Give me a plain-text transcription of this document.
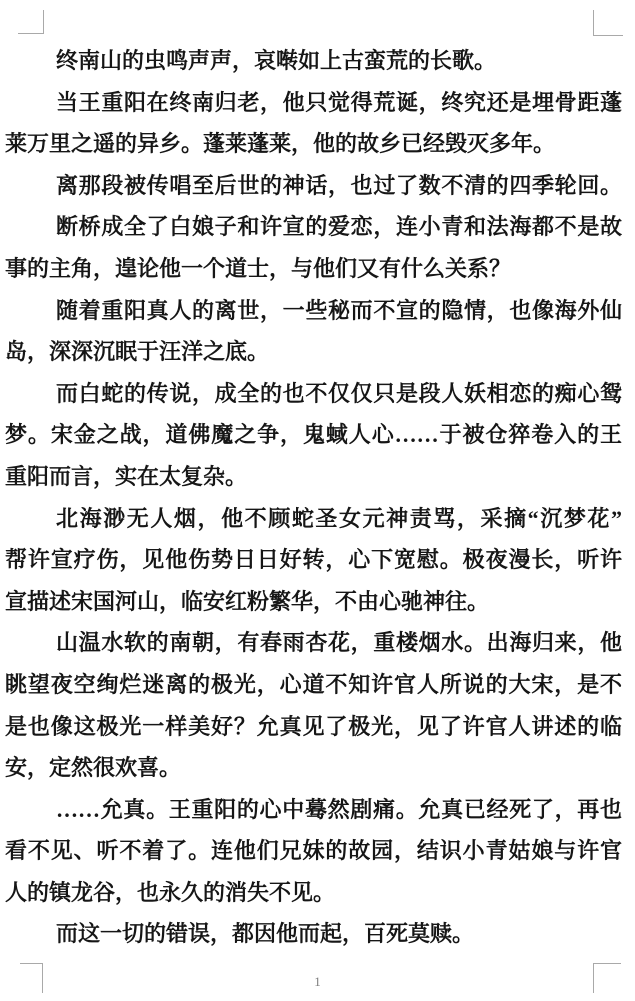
终南山的虫鸣声声，哀啭如上古蛮荒的长歌。
当王重阳在终南归老，他只觉得荒诞，终究还是埋骨距蓬
莱万里之遥的异乡。蓬莱蓬莱，他的故乡已经毁灭多年。
离那段被传唱至后世的神话，也过了数不清的四季轮回。
断桥成全了白娘子和许宣的爱恋，连小青和法海都不是故
事的主角，遑论他一个道士，与他们又有什么关系？
随着重阳真人的离世，一些秘而不宣的隐情，也像海外仙
岛，深深沉眠于汪洋之底。
而白蛇的传说，成全的也不仅仅只是段人妖相恋的痴心鸳
梦。宋金之战，道佛魔之争，鬼蜮人心……于被仓猝卷入的王
重阳而言，实在太复杂。
北海渺无人烟，他不顾蛇圣女元神责骂，采摘“沉梦花”
帮许宣疗伤，见他伤势日日好转，心下宽慰。极夜漫长，听许
宣描述宋国河山，临安红粉繁华，不由心驰神往。
山温水软的南朝，有春雨杏花，重楼烟水。出海归来，他
眺望夜空绚烂迷离的极光，心道不知许官人所说的大宋，是不
是也像这极光一样美好？允真见了极光，见了许官人讲述的临
安，定然很欢喜。
……允真。王重阳的心中蓦然剧痛。允真已经死了，再也
看不见、听不着了。连他们兄妹的故园，结识小青姑娘与许官
人的镇龙谷，也永久的消失不见。
而这一切的错误，都因他而起，百死莫赎。
1
